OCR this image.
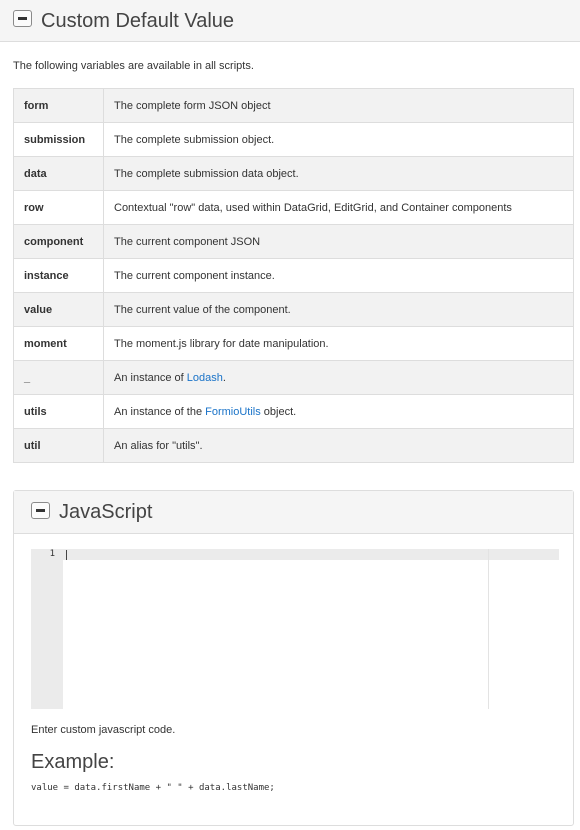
Custom Default Value
The following variables are available in all scripts.
form	The complete form JSON object
submission	The complete submission object.
data	The complete submission data object.
row	Contextual "row" data, used within DataGrid, EditGrid, and Container components
component	The current component JSON
instance	The current component instance.
value	The current value of the component.
moment	The moment.js library for date manipulation.
_	An instance of Lodash.
utils	An instance of the FormioUtils object.
util	An alias for "utils".
JavaScript
1
Enter custom javascript code.
Example:
value = data.firstName + " " + data.lastName;
